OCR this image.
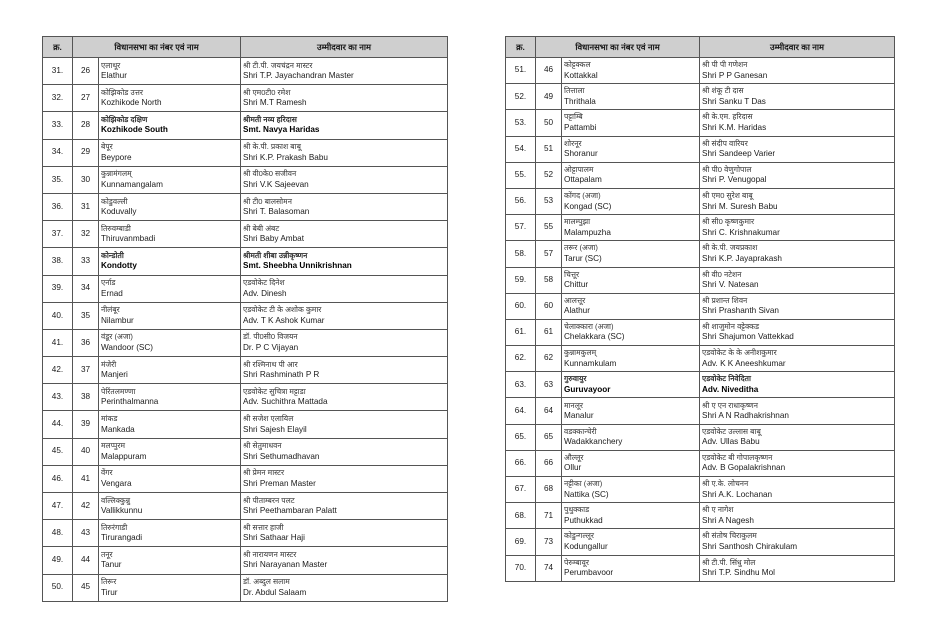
क्र.	विधानसभा का नंबर एवं नाम		उम्मीदवार का नाम
31.	26	एलाथूर
Elathur	श्री टी.पी. जयचंद्रन मास्टर
Shri T.P. Jayachandran Master

32.	27	कोझिकोड उत्तर
Kozhikode North	श्री एम0टी0 रमेश
Shri M.T Ramesh

33.	28	कोझिकोड दक्षिण
Kozhikode South	श्रीमती नव्य हरिदास
Smt. Navya Haridas

34.	29	बेपूर
Beypore	श्री के.पी. प्रकाश बाबू
Shri K.P. Prakash Babu

35.	30	कुन्नामंगलम्
Kunnamangalam	श्री वी0के0 सजीवन
Shri V.K Sajeevan

36.	31	कोडुवल्ली
Koduvally	श्री टी0 बालसोमन
Shri T. Balasoman

37.	32	तिरुवम्बाडी
Thiruvanmbadi	श्री बेबी अंबट
Shri Baby Ambat

38.	33	कोन्डोती
Kondotty	श्रीमती शीबा उन्नीकृष्णन
Smt. Sheebha Unnikrishnan

39.	34	एर्नाड
Ernad	एडवोकेट दिनेश
Adv. Dinesh

40.	35	नीलंबूर
Nilambur	एडवोकेट टी के अशोक कुमार
Adv. T K Ashok Kumar

41.	36	वंडूर (अजा)
Wandoor (SC)	डॉ. पी0सी0 विजयन
Dr. P C Vijayan

42.	37	मंजेरी
Manjeri	श्री रश्मिनाथ पी आर
Shri Rashminath P R

43.	38	पेरिंतलमण्णा
Perinthalmanna	एडवोकेट सुचित्रा मट्टाडा
Adv. Suchithra Mattada

44.	39	मांकड
Mankada	श्री सजेश एलायिल
Shri Sajesh Elayil

45.	40	मलप्पुरम
Malappuram	श्री सेतुमाधवन
Shri Sethumadhavan

46.	41	वेंगर
Vengara	श्री प्रेमन मास्टर
Shri Preman Master

47.	42	वल्लिक्कुन्नु
Vallikkunnu	श्री पीताम्बरन पलट
Shri Peethambaran Palatt

48.	43	तिरुरंगाडी
Tirurangadi	श्री सत्तार हाजी
Shri Sathaar Haji

49.	44	तनूर
Tanur	श्री नारायणन मास्टर
Shri Narayanan Master

50.	45	तिरूर
Tirur	डॉ. अब्दुल सलाम
Dr. Abdul Salaam
क्र.	विधानसभा का नंबर एवं नाम		उम्मीदवार का नाम
51.	46	कोट्टक्कल
Kottakkal	श्री पी पी गणेशन
Shri P P Ganesan

52.	49	तित्ताला
Thrithala	श्री शंकू टी दास
Shri Sanku T Das

53.	50	पट्टाम्बि
Pattambi	श्री के.एम. हरिदास
Shri K.M. Haridas

54.	51	शोरनूर
Shoranur	श्री संदीप वारियर
Shri Sandeep Varier

55.	52	ओट्टापालम
Ottapalam	श्री पी0 वेणुगोपाल
Shri P. Venugopal

56.	53	कोंगद (अजा)
Kongad (SC)	श्री एम0 सुरेश बाबू
Shri M. Suresh Babu

57.	55	मालम्पुझा
Malampuzha	श्री सी0 कृष्णकुमार
Shri C. Krishnakumar

58.	57	तरूर (अजा)
Tarur (SC)	श्री के.पी. जयप्रकाश
Shri K.P. Jayaprakash

59.	58	चित्तूर
Chittur	श्री वी0 नटेशन
Shri V. Natesan

60.	60	आलत्तूर
Alathur	श्री प्रशान्त शिवन
Shri Prashanth Sivan

61.	61	चेलाक्कारा (अजा)
Chelakkara (SC)	श्री शाजुमोन वट्टेक्कड
Shri Shajumon Vattekkad

62.	62	कुन्नामकुलम्
Kunnamkulam	एडवोकेट के के अनीशकुमार
Adv. K K Aneeshkumar

63.	63	गुरुवायुर
Guruvayoor	एडवोकेट निवेदिता
Adv. Niveditha

64.	64	मानलूर
Manalur	श्री ए एन राधाकृष्णन
Shri A N Radhakrishnan

65.	65	वडक्कान्चेरी
Wadakkanchery	एडवोकेट उल्लास बाबू
Adv. Ullas Babu

66.	66	औल्लूर
Ollur	एडवोकेट बी गोपालकृष्णन
Adv. B Gopalakrishnan

67.	68	नट्टीका (अजा)
Nattika (SC)	श्री ए.के. लोचनन
Shri A.K. Lochanan

68.	71	पुथुक्काड
Puthukkad	श्री ए नागेश
Shri A Nagesh

69.	73	कोडुन्गल्लूर
Kodungallur	श्री संतोष चिराकुलम
Shri Santhosh Chirakulam

70.	74	पेरुम्बावूर
Perumbavoor	श्री टी.पी. सिंधु मोल
Shri T.P. Sindhu Mol
